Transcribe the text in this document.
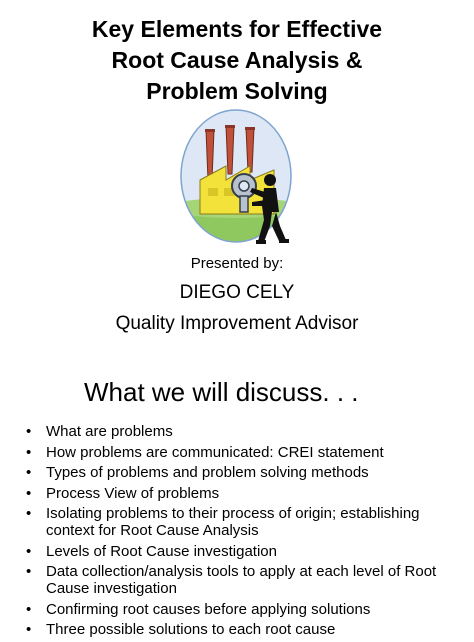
Key Elements for Effective
Root Cause Analysis &
Problem Solving
Presented by:
DIEGO CELY
Quality Improvement Advisor
What we will discuss. . .
• What are problems
• How problems are communicated: CREI statement
• Types of problems and problem solving methods
• Process View of problems
• Isolating problems to their process of origin; establishing context for Root Cause Analysis
• Levels of Root Cause investigation
• Data collection/analysis tools to apply at each level of Root Cause investigation
• Confirming root causes before applying solutions
• Three possible solutions to each root cause
